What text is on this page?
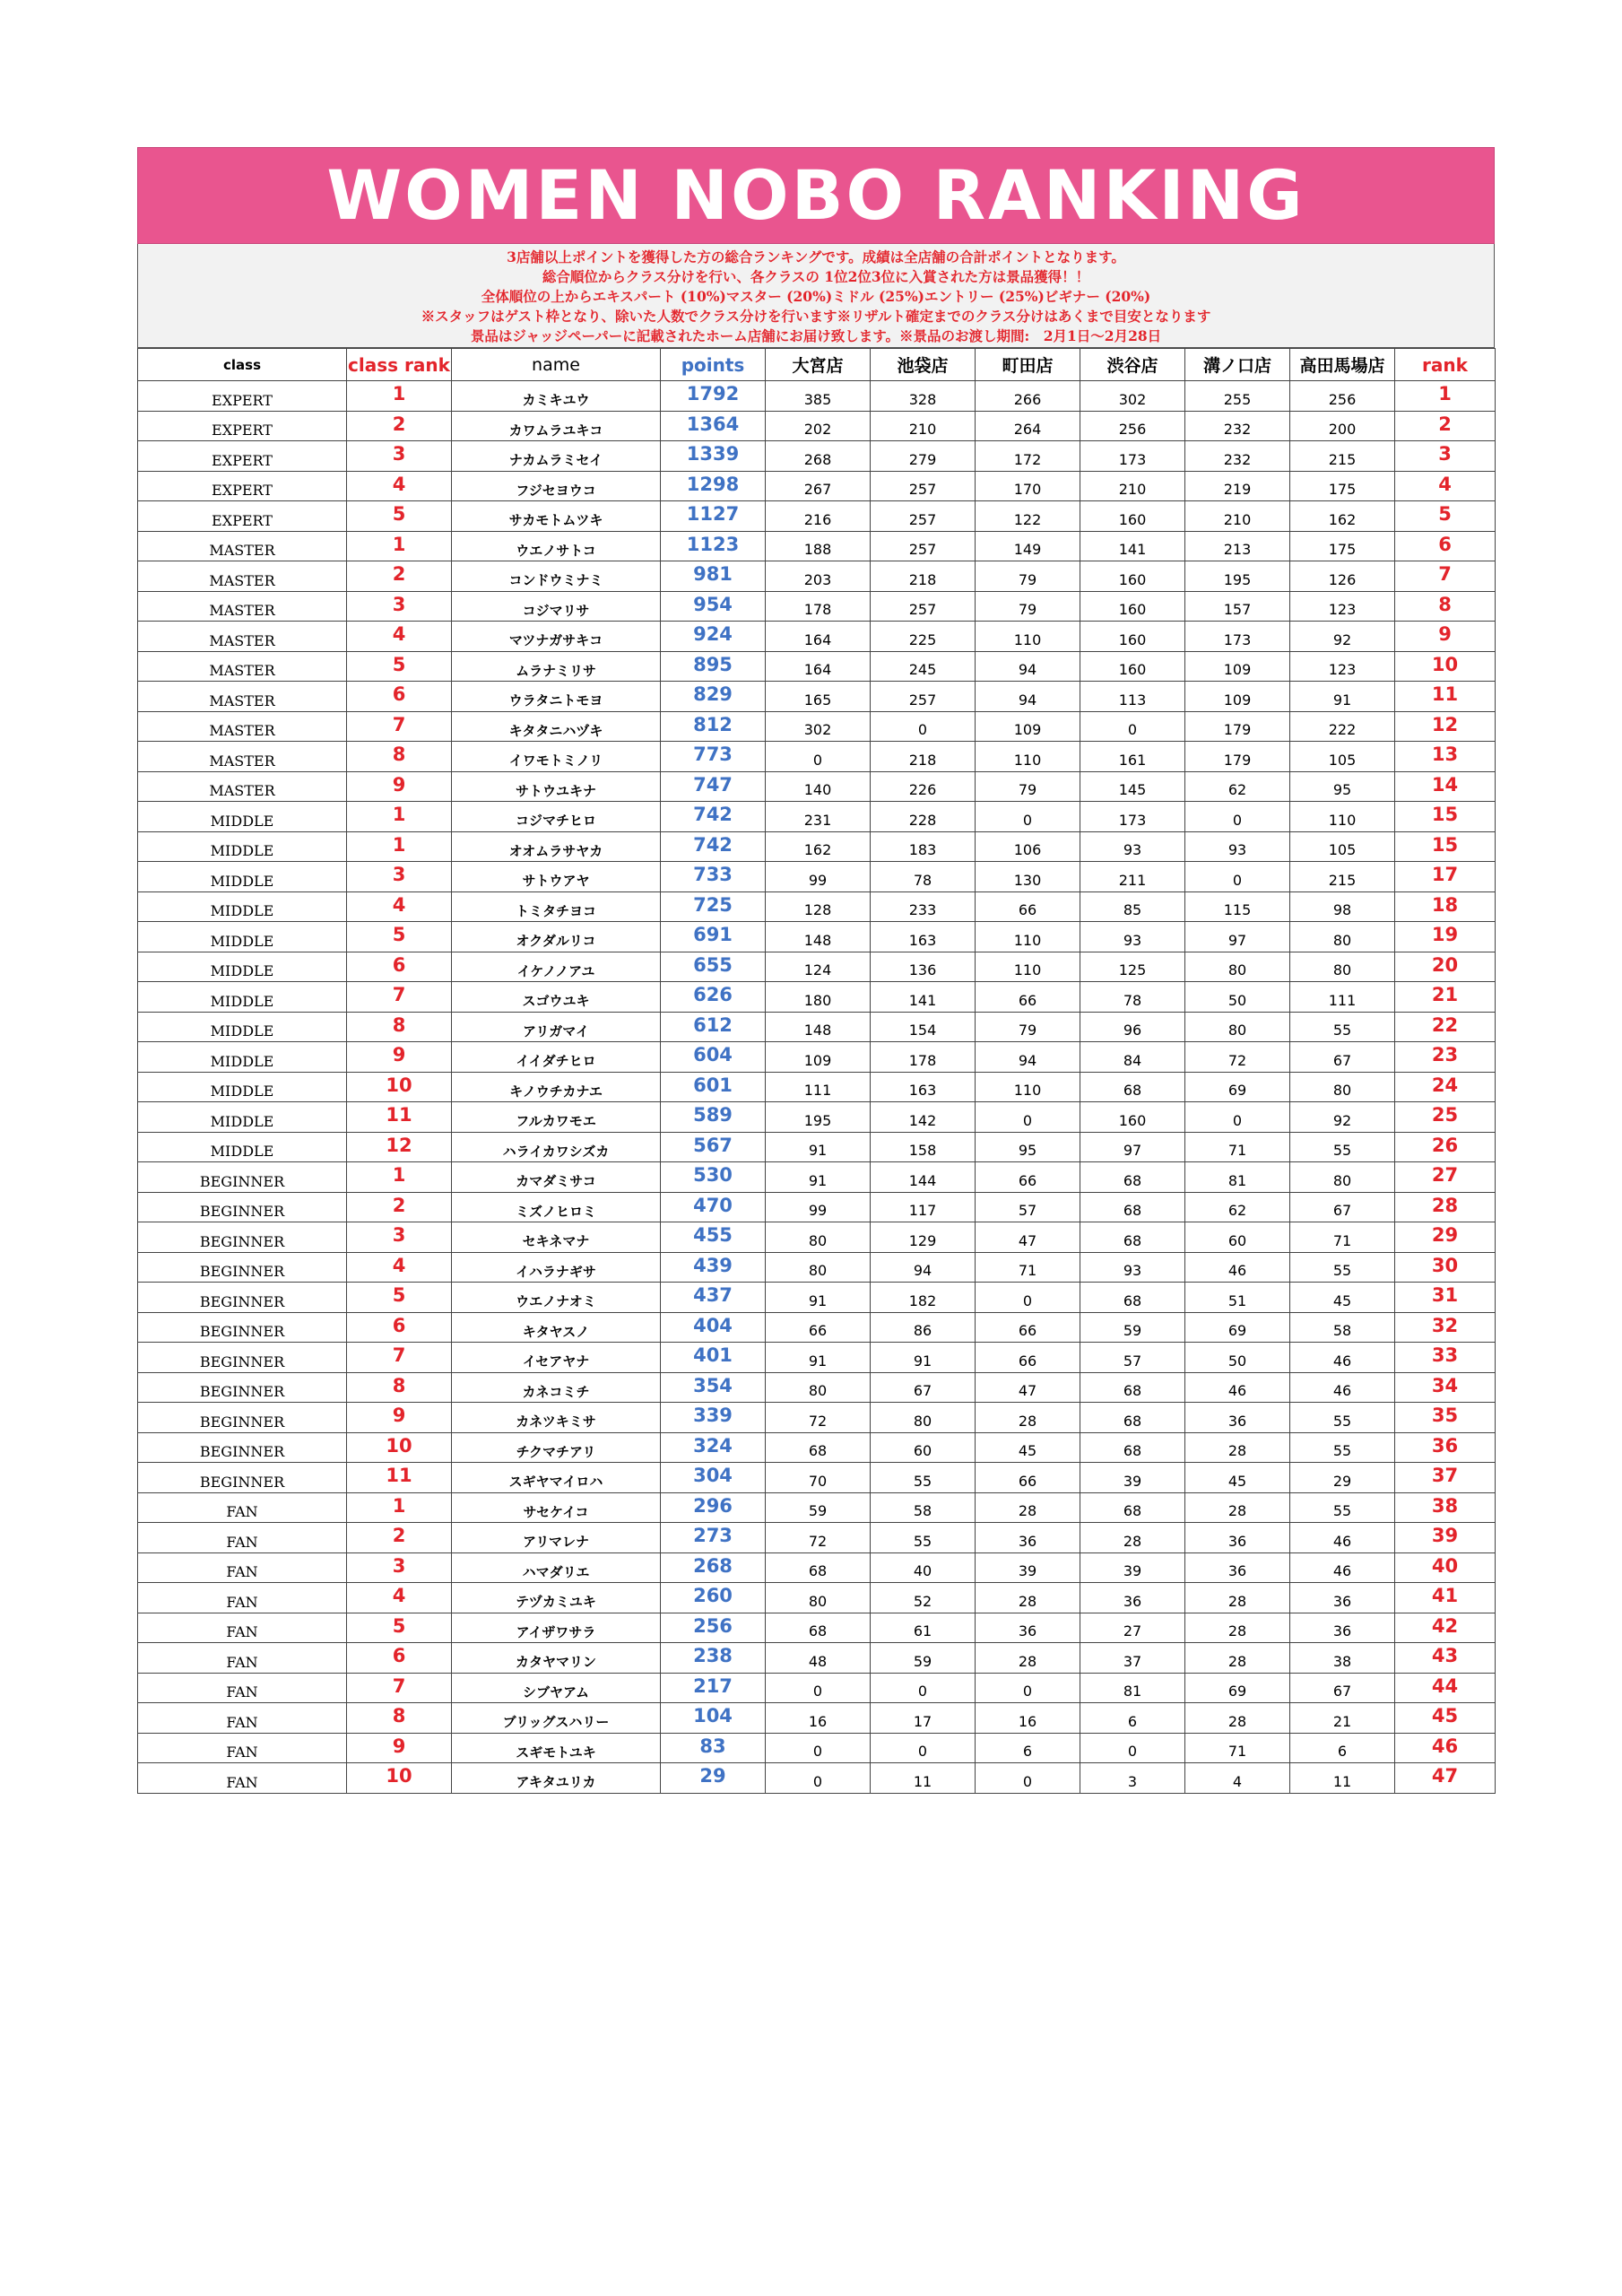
WOMEN NOBO RANKING
3店舗以上ポイントを獲得した方の総合ランキングです。成績は全店舗の合計ポイントとなります。
総合順位からクラス分けを行い、各クラスの 1位2位3位に入賞された方は景品獲得！！
全体順位の上からエキスパート (10%)マスター (20%)ミドル (25%)エントリー (25%)ビギナー (20%)
※スタッフはゲスト枠となり、除いた人数でクラス分けを行います※リザルト確定までのクラス分けはあくまで目安となります
景品はジャッジペーパーに記載されたホーム店舗にお届け致します。※景品のお渡し期間:　2月1日～2月28日
class	class rank	name	points	大宮店	池袋店	町田店	渋谷店	溝ノ口店	高田馬場店	rank
EXPERT	1	カミキユウ	1792	385	328	266	302	255	256	1
EXPERT	2	カワムラユキコ	1364	202	210	264	256	232	200	2
EXPERT	3	ナカムラミセイ	1339	268	279	172	173	232	215	3
EXPERT	4	フジセヨウコ	1298	267	257	170	210	219	175	4
EXPERT	5	サカモトムツキ	1127	216	257	122	160	210	162	5
MASTER	1	ウエノサトコ	1123	188	257	149	141	213	175	6
MASTER	2	コンドウミナミ	981	203	218	79	160	195	126	7
MASTER	3	コジマリサ	954	178	257	79	160	157	123	8
MASTER	4	マツナガサキコ	924	164	225	110	160	173	92	9
MASTER	5	ムラナミリサ	895	164	245	94	160	109	123	10
MASTER	6	ウラタニトモヨ	829	165	257	94	113	109	91	11
MASTER	7	キタタニハヅキ	812	302	0	109	0	179	222	12
MASTER	8	イワモトミノリ	773	0	218	110	161	179	105	13
MASTER	9	サトウユキナ	747	140	226	79	145	62	95	14
MIDDLE	1	コジマチヒロ	742	231	228	0	173	0	110	15
MIDDLE	1	オオムラサヤカ	742	162	183	106	93	93	105	15
MIDDLE	3	サトウアヤ	733	99	78	130	211	0	215	17
MIDDLE	4	トミタチヨコ	725	128	233	66	85	115	98	18
MIDDLE	5	オクダルリコ	691	148	163	110	93	97	80	19
MIDDLE	6	イケノノアユ	655	124	136	110	125	80	80	20
MIDDLE	7	スゴウユキ	626	180	141	66	78	50	111	21
MIDDLE	8	アリガマイ	612	148	154	79	96	80	55	22
MIDDLE	9	イイダチヒロ	604	109	178	94	84	72	67	23
MIDDLE	10	キノウチカナエ	601	111	163	110	68	69	80	24
MIDDLE	11	フルカワモエ	589	195	142	0	160	0	92	25
MIDDLE	12	ハライカワシズカ	567	91	158	95	97	71	55	26
BEGINNER	1	カマダミサコ	530	91	144	66	68	81	80	27
BEGINNER	2	ミズノヒロミ	470	99	117	57	68	62	67	28
BEGINNER	3	セキネマナ	455	80	129	47	68	60	71	29
BEGINNER	4	イハラナギサ	439	80	94	71	93	46	55	30
BEGINNER	5	ウエノナオミ	437	91	182	0	68	51	45	31
BEGINNER	6	キタヤスノ	404	66	86	66	59	69	58	32
BEGINNER	7	イセアヤナ	401	91	91	66	57	50	46	33
BEGINNER	8	カネコミチ	354	80	67	47	68	46	46	34
BEGINNER	9	カネツキミサ	339	72	80	28	68	36	55	35
BEGINNER	10	チクマチアリ	324	68	60	45	68	28	55	36
BEGINNER	11	スギヤマイロハ	304	70	55	66	39	45	29	37
FAN	1	サセケイコ	296	59	58	28	68	28	55	38
FAN	2	アリマレナ	273	72	55	36	28	36	46	39
FAN	3	ハマダリエ	268	68	40	39	39	36	46	40
FAN	4	テヅカミユキ	260	80	52	28	36	28	36	41
FAN	5	アイザワサラ	256	68	61	36	27	28	36	42
FAN	6	カタヤマリン	238	48	59	28	37	28	38	43
FAN	7	シブヤアム	217	0	0	0	81	69	67	44
FAN	8	ブリッグスハリー	104	16	17	16	6	28	21	45
FAN	9	スギモトユキ	83	0	0	6	0	71	6	46
FAN	10	アキタユリカ	29	0	11	0	3	4	11	47
